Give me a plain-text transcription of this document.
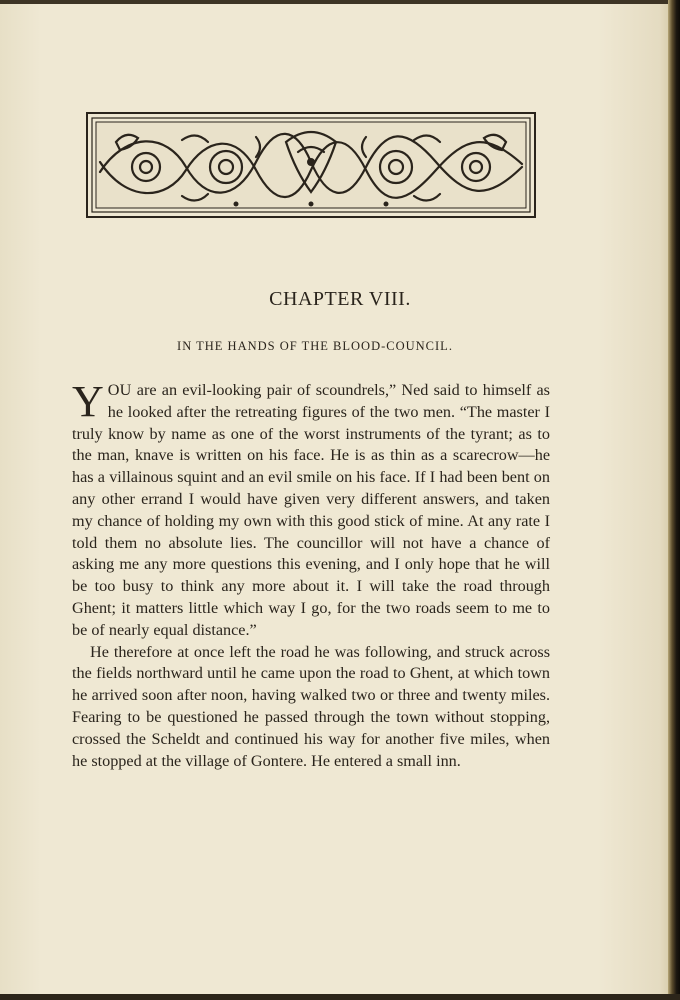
CHAPTER VIII.
IN THE HANDS OF THE BLOOD-COUNCIL.

YOU are an evil-looking pair of scoundrels,” Ned said to himself as he looked after the retreating figures of the two men. “The master I truly know by name as one of the worst instruments of the tyrant; as to the man, knave is written on his face. He is as thin as a scarecrow—he has a villainous squint and an evil smile on his face. If I had been bent on any other errand I would have given very different answers, and taken my chance of holding my own with this good stick of mine. At any rate I told them no absolute lies. The councillor will not have a chance of asking me any more questions this evening, and I only hope that he will be too busy to think any more about it. I will take the road through Ghent; it matters little which way I go, for the two roads seem to me to be of nearly equal distance.”

He therefore at once left the road he was following, and struck across the fields northward until he came upon the road to Ghent, at which town he arrived soon after noon, having walked two or three and twenty miles. Fearing to be questioned he passed through the town without stopping, crossed the Scheldt and continued his way for another five miles, when he stopped at the village of Gontere. He entered a small inn.
